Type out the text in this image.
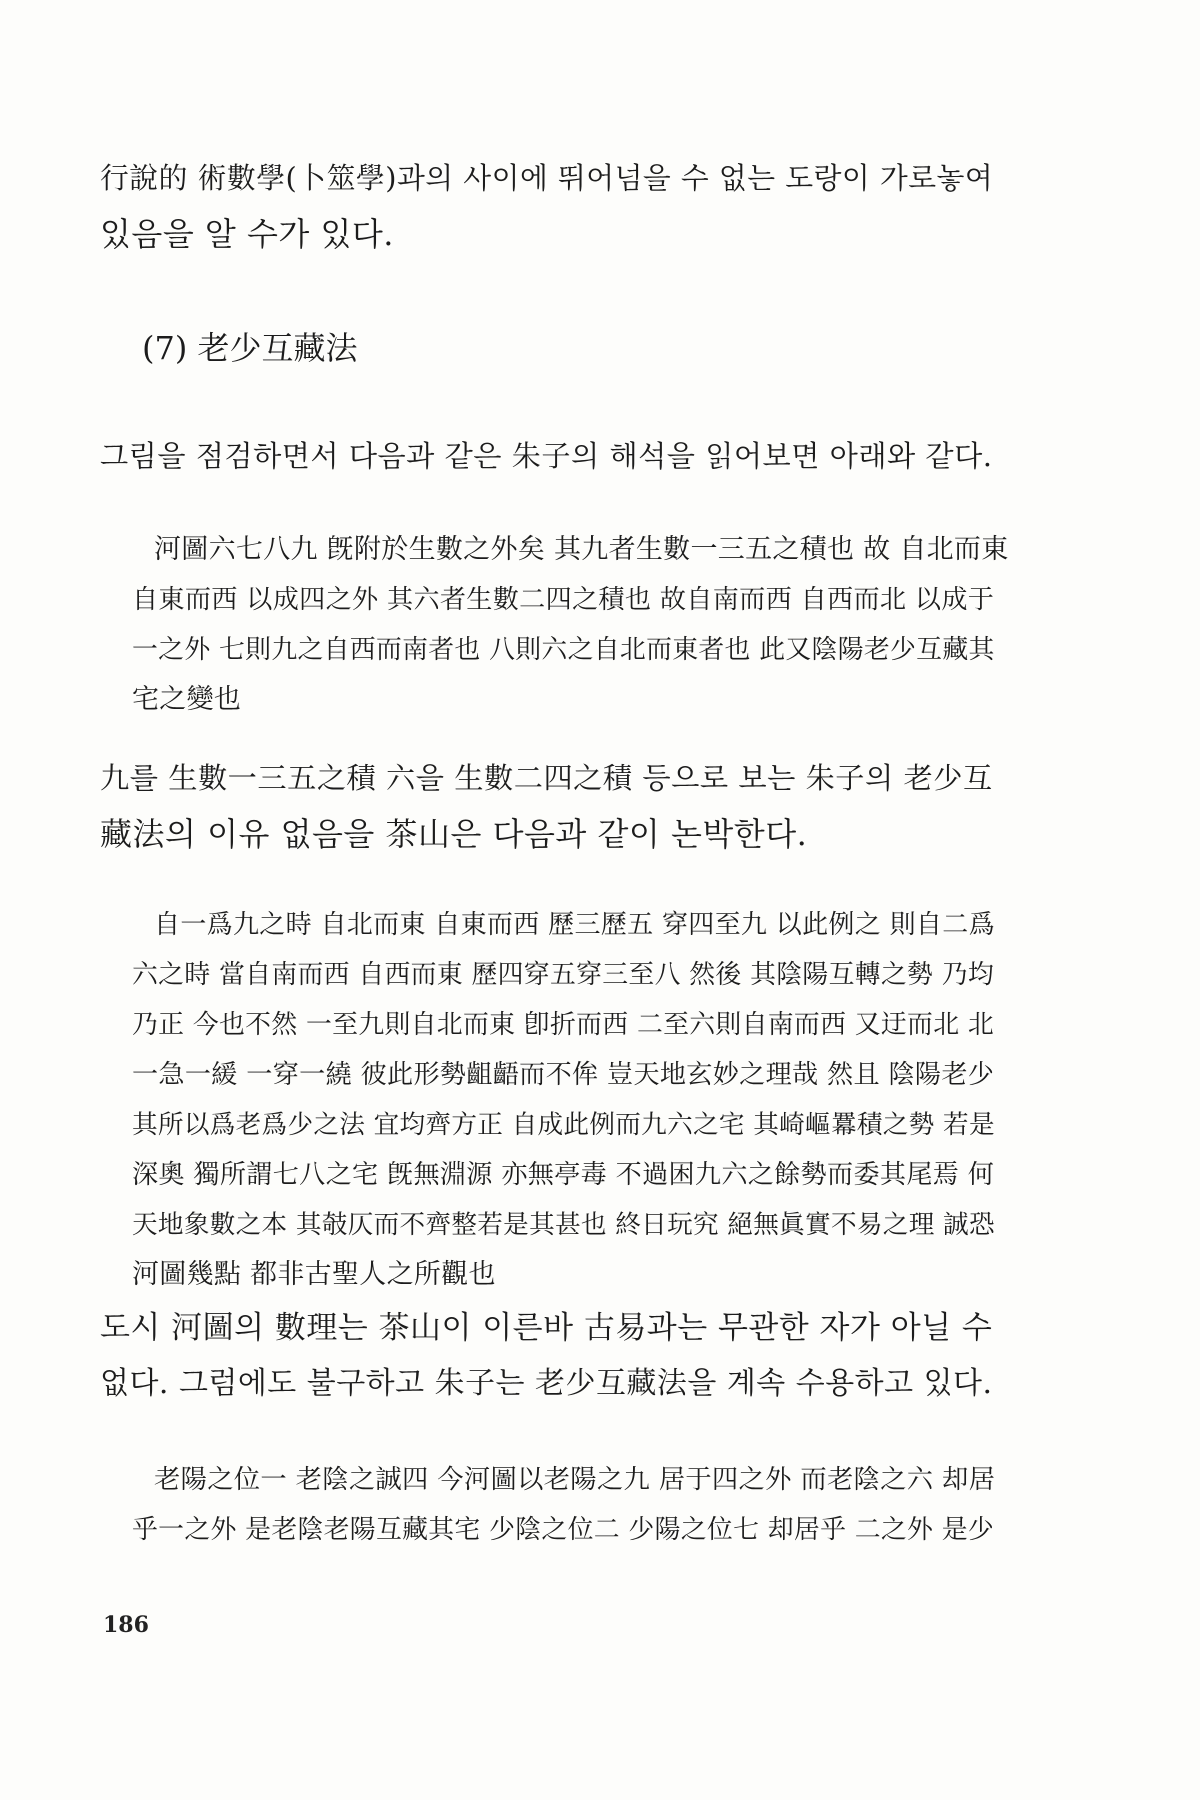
行說的 術數學(卜筮學)과의 사이에 뛰어넘을 수 없는 도랑이 가로놓여
있음을 알 수가 있다.
(7) 老少互藏法
그림을 점검하면서 다음과 같은 朱子의 해석을 읽어보면 아래와 같다.
河圖六七八九 旣附於生數之外矣 其九者生數一三五之積也 故 自北而東
自東而西 以成四之外 其六者生數二四之積也 故自南而西 自西而北 以成于
一之外 七則九之自西而南者也 八則六之自北而東者也 此又陰陽老少互藏其
宅之變也
九를 生數一三五之積 六을 生數二四之積 등으로 보는 朱子의 老少互
藏法의 이유 없음을 茶山은 다음과 같이 논박한다.
自一爲九之時 自北而東 自東而西 歷三歷五 穿四至九 以此例之 則自二爲
六之時 當自南而西 自西而東 歷四穿五穿三至八 然後 其陰陽互轉之勢 乃均
乃正 今也不然 一至九則自北而東 卽折而西 二至六則自南而西 又迂而北 北
一急一緩 一穿一繞 彼此形勢齟齬而不侔 豈天地玄妙之理哉 然且 陰陽老少
其所以爲老爲少之法 宜均齊方正 自成此例而九六之宅 其崎嶇羃積之勢 若是
深奧 獨所謂七八之宅 旣無淵源 亦無亭毒 不過困九六之餘勢而委其尾焉 何
天地象數之本 其攲仄而不齊整若是其甚也 終日玩究 絕無眞實不易之理 誠恐
河圖幾點 都非古聖人之所觀也
도시 河圖의 數理는 茶山이 이른바 古易과는 무관한 자가 아닐 수
없다. 그럼에도 불구하고 朱子는 老少互藏法을 계속 수용하고 있다.
老陽之位一 老陰之誠四 今河圖以老陽之九 居于四之外 而老陰之六 却居
乎一之外 是老陰老陽互藏其宅 少陰之位二 少陽之位七 却居乎 二之外 是少
186
